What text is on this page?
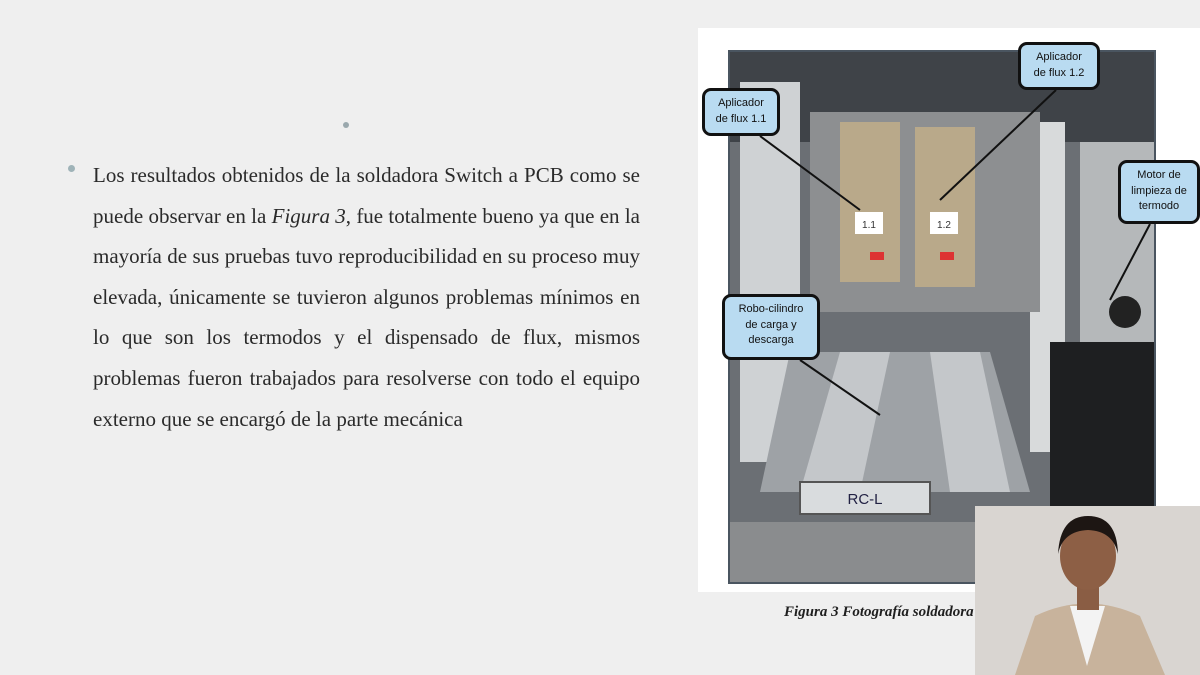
Los resultados obtenidos de la soldadora Switch a PCB como se puede observar en la Figura 3, fue totalmente bueno ya que en la mayoría de sus pruebas tuvo reproducibilidad en su proceso muy elevada, únicamente se tuvieron algunos problemas mínimos en lo que son los termodos y el dispensado de flux, mismos problemas fueron trabajados para resolverse con todo el equipo externo que se encargó de la parte mecánica

1.1	1.2
RC-L
Aplicador
de flux 1.1
Aplicador
de flux 1.2
Motor de
limpieza de
termodo
Robo-cilindro
de carga y
descarga
Figura 3 Fotografía soldadora
